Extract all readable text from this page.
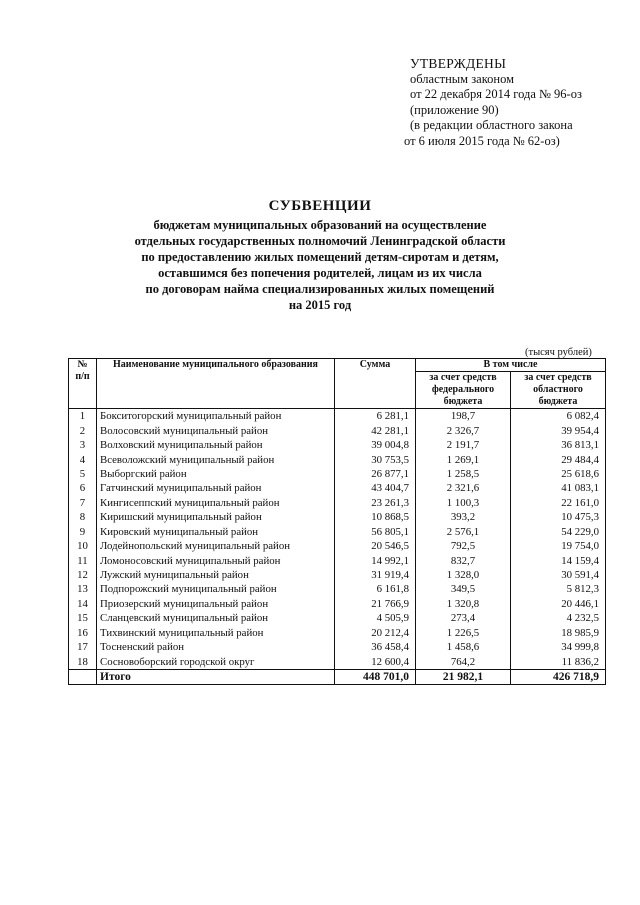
УТВЕРЖДЕНЫ
областным законом
от 22 декабря 2014 года № 96-оз
(приложение 90)
(в редакции областного закона
от 6 июля 2015 года № 62-оз)
СУБВЕНЦИИ
бюджетам муниципальных образований на осуществление
отдельных государственных полномочий Ленинградской области
по предоставлению жилых помещений детям-сиротам и детям,
оставшимся без попечения родителей, лицам из их числа
по договорам найма специализированных жилых помещений
на 2015 год
(тысяч рублей)
№ п/п	Наименование муниципального образования	Сумма	В том числе	
			за счет средств федерального бюджета	за счет средств областного бюджета
1	Бокситогорский муниципальный район	6 281,1	198,7	6 082,4
2	Волосовский муниципальный район	42 281,1	2 326,7	39 954,4
3	Волховский муниципальный район	39 004,8	2 191,7	36 813,1
4	Всеволожский муниципальный район	30 753,5	1 269,1	29 484,4
5	Выборгский район	26 877,1	1 258,5	25 618,6
6	Гатчинский муниципальный район	43 404,7	2 321,6	41 083,1
7	Кингисеппский муниципальный район	23 261,3	1 100,3	22 161,0
8	Киришский муниципальный район	10 868,5	393,2	10 475,3
9	Кировский муниципальный район	56 805,1	2 576,1	54 229,0
10	Лодейнопольский муниципальный район	20 546,5	792,5	19 754,0
11	Ломоносовский муниципальный район	14 992,1	832,7	14 159,4
12	Лужский муниципальный район	31 919,4	1 328,0	30 591,4
13	Подпорожский муниципальный район	6 161,8	349,5	5 812,3
14	Приозерский муниципальный район	21 766,9	1 320,8	20 446,1
15	Сланцевский муниципальный район	4 505,9	273,4	4 232,5
16	Тихвинский муниципальный район	20 212,4	1 226,5	18 985,9
17	Тосненский район	36 458,4	1 458,6	34 999,8
18	Сосновоборский городской округ	12 600,4	764,2	11 836,2
	Итого	448 701,0	21 982,1	426 718,9
